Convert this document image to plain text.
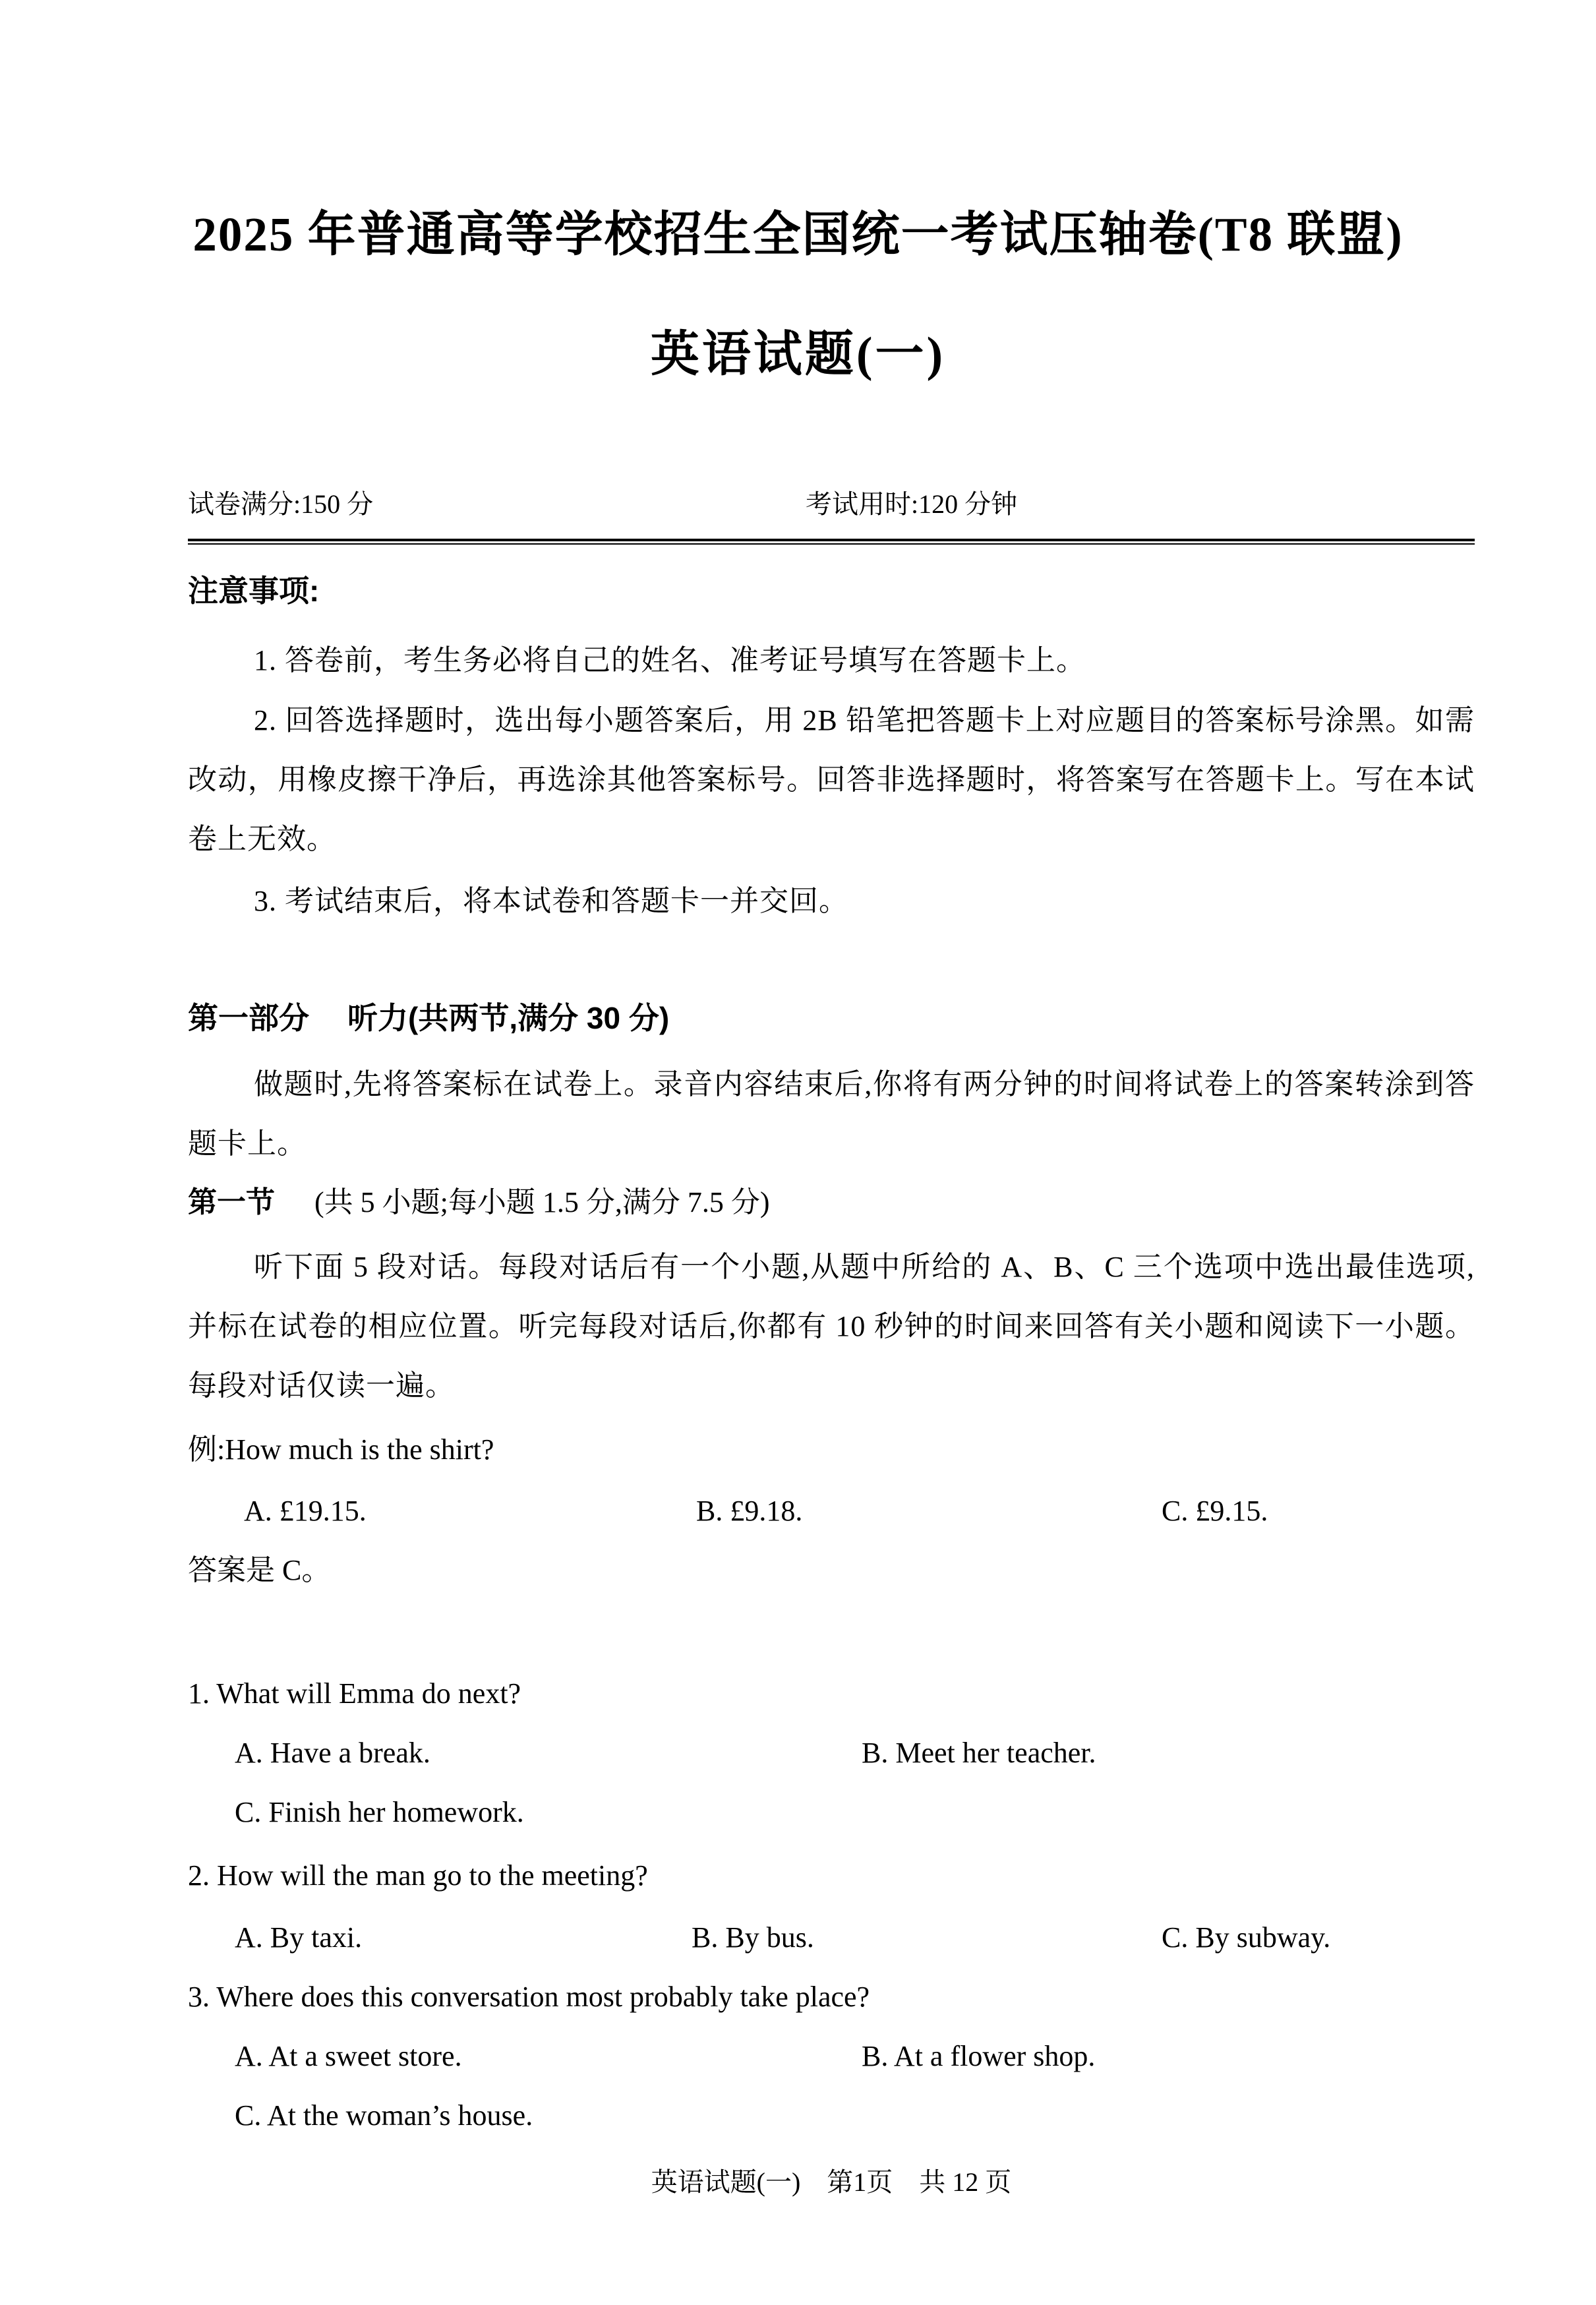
2025 年普通高等学校招生全国统一考试压轴卷(T8 联盟)
英语试题(一)
试卷满分:150 分	考试用时:120 分钟
注意事项:

1. 答卷前，考生务必将自己的姓名、准考证号填写在答题卡上。

2. 回答选择题时，选出每小题答案后，用 2B 铅笔把答题卡上对应题目的答案标号涂黑。如需改动，用橡皮擦干净后，再选涂其他答案标号。回答非选择题时，将答案写在答题卡上。写在本试卷上无效。

3. 考试结束后，将本试卷和答题卡一并交回。

第一部分 听力(共两节,满分 30 分)

做题时,先将答案标在试卷上。录音内容结束后,你将有两分钟的时间将试卷上的答案转涂到答题卡上。

第一节 (共 5 小题;每小题 1.5 分,满分 7.5 分)

听下面 5 段对话。每段对话后有一个小题,从题中所给的 A、B、C 三个选项中选出最佳选项,并标在试卷的相应位置。听完每段对话后,你都有 10 秒钟的时间来回答有关小题和阅读下一小题。每段对话仅读一遍。

例:How much is the shirt?
A. £19.15.	B. £9.18.	C. £9.15.
答案是 C。
1. What will Emma do next?
A. Have a break.	B. Meet her teacher.
C. Finish her homework.
2. How will the man go to the meeting?
A. By taxi.	B. By bus.	C. By subway.
3. Where does this conversation most probably take place?
A. At a sweet store.	B. At a flower shop.
C. At the woman’s house.
英语试题(一)　第1页　共 12 页
